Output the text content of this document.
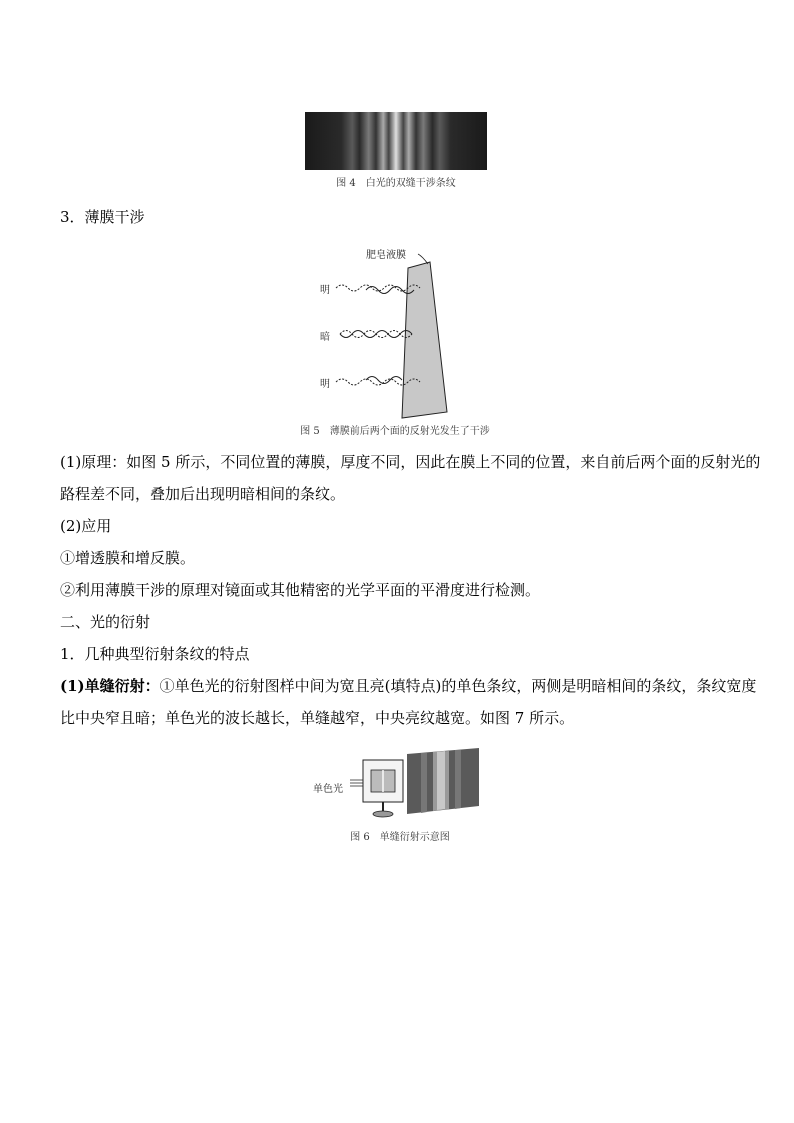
图 4　白光的双缝干涉条纹
3．薄膜干涉
肥皂液膜
明
暗
明
图 5　薄膜前后两个面的反射光发生了干涉
(1)原理：如图 5 所示，不同位置的薄膜，厚度不同，因此在膜上不同的位置，来自前后两个面的反射光的
路程差不同，叠加后出现明暗相间的条纹。
(2)应用
①增透膜和增反膜。
②利用薄膜干涉的原理对镜面或其他精密的光学平面的平滑度进行检测。
二、光的衍射
1．几种典型衍射条纹的特点
(1)单缝衍射：①单色光的衍射图样中间为宽且亮(填特点)的单色条纹，两侧是明暗相间的条纹，条纹宽度
比中央窄且暗；单色光的波长越长，单缝越窄，中央亮纹越宽。如图 7 所示。
单色光
图 6　单缝衍射示意图
